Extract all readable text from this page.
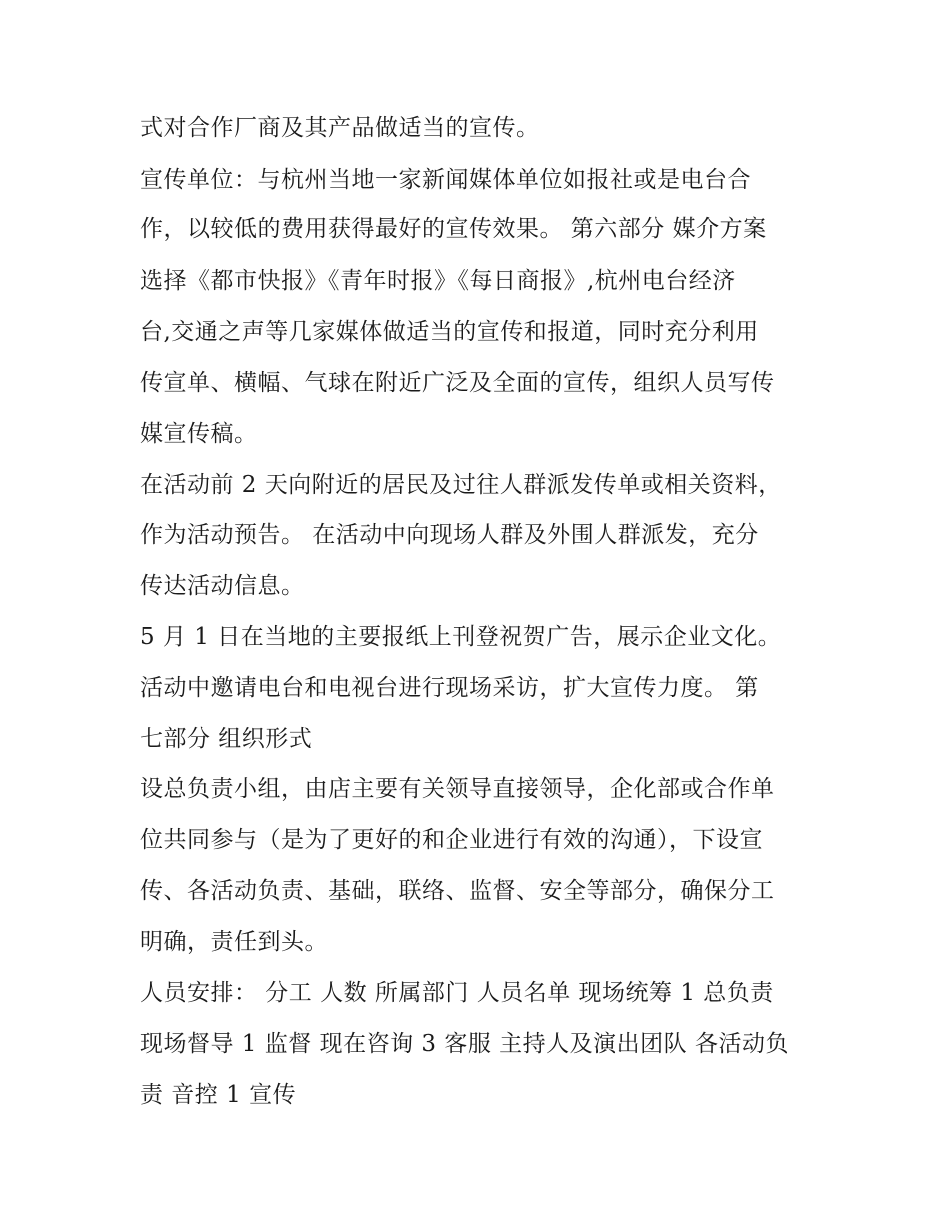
式对合作厂商及其产品做适当的宣传。
宣传单位：与杭州当地一家新闻媒体单位如报社或是电台合
作，以较低的费用获得最好的宣传效果。 第六部分 媒介方案
选择《都市快报》《青年时报》《每日商报》,杭州电台经济
台,交通之声等几家媒体做适当的宣传和报道，同时充分利用
传宣单、横幅、气球在附近广泛及全面的宣传，组织人员写传
媒宣传稿。
在活动前 2 天向附近的居民及过往人群派发传单或相关资料，
作为活动预告。 在活动中向现场人群及外围人群派发，充分
传达活动信息。
5 月 1 日在当地的主要报纸上刊登祝贺广告，展示企业文化。
活动中邀请电台和电视台进行现场采访，扩大宣传力度。 第
七部分 组织形式
设总负责小组，由店主要有关领导直接领导，企化部或合作单
位共同参与（是为了更好的和企业进行有效的沟通），下设宣
传、各活动负责、基础，联络、监督、安全等部分，确保分工
明确，责任到头。
人员安排： 分工 人数 所属部门 人员名单 现场统筹 1 总负责
现场督导 1 监督 现在咨询 3 客服 主持人及演出团队 各活动负
责 音控 1 宣传
